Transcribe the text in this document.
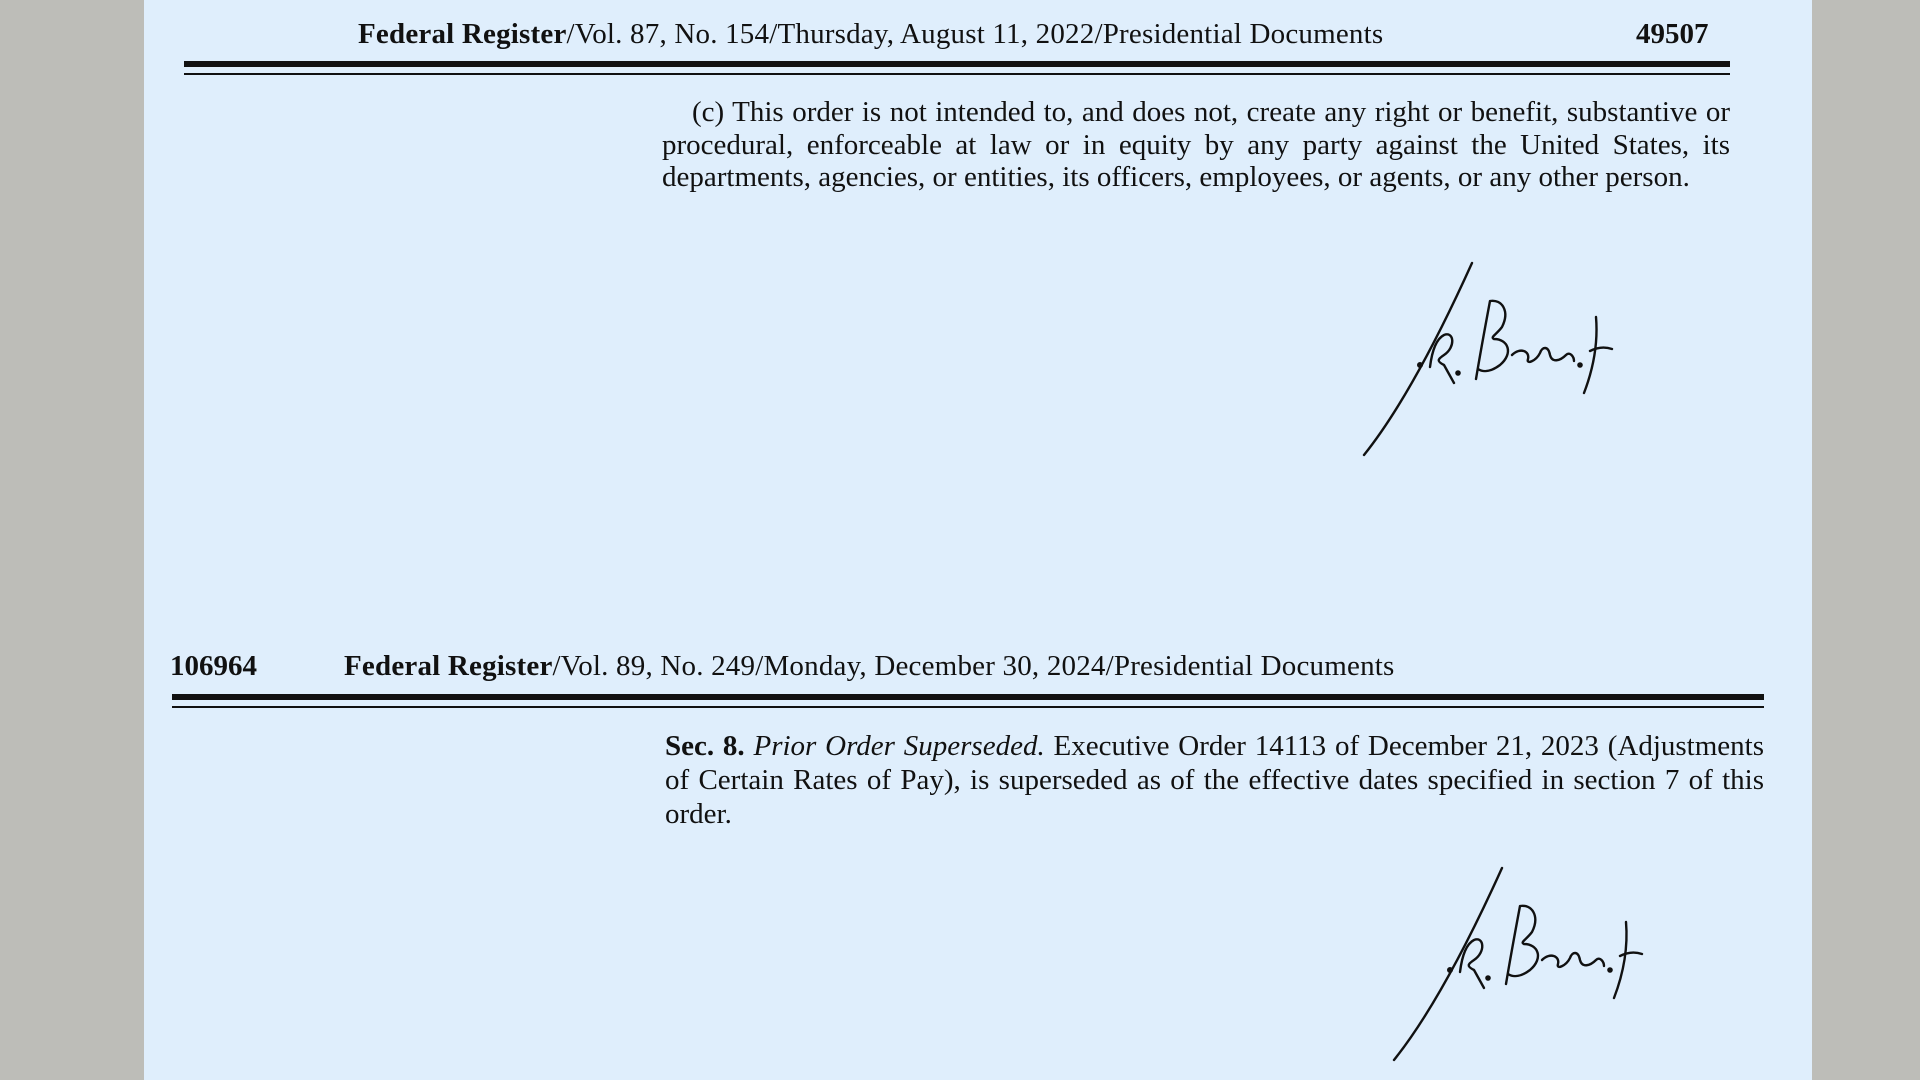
Federal Register/Vol. 87, No. 154/Thursday, August 11, 2022/Presidential Documents	49507
(c) This order is not intended to, and does not, create any right or benefit, substantive or procedural, enforceable at law or in equity by any party against the United States, its departments, agencies, or entities, its officers, employees, or agents, or any other person.
106964	Federal Register/Vol. 89, No. 249/Monday, December 30, 2024/Presidential Documents
Sec. 8. Prior Order Superseded. Executive Order 14113 of December 21, 2023 (Adjustments of Certain Rates of Pay), is superseded as of the effective dates specified in section 7 of this order.
